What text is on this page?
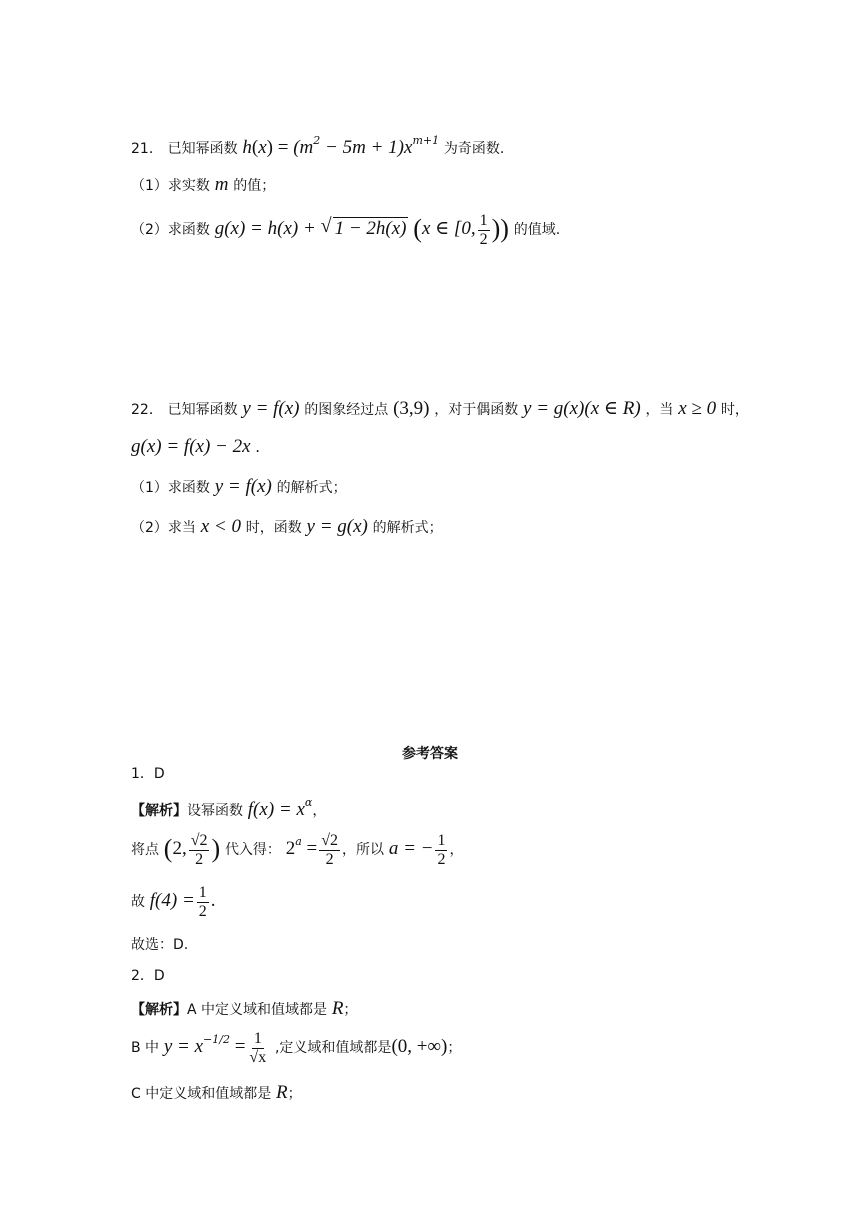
21． 已知幂函数 $h(x) = (m^2 - 5m + 1)x^{m+1}$ 为奇函数.
（1）求实数 m 的值；
（2）求函数 g(x) = h(x) + √ 1 − 2h(x) (x ∈ [0, $\frac{1}{2}$ )) 的值域.
22． 已知幂函数 y = f(x) 的图象经过点 (3,9) ，对于偶函数 y = g(x)(x ∈ R) ，当 x ≥ 0 时，
g(x) = f(x) − 2x .
（1）求函数 y = f(x) 的解析式；
（2）求当 x < 0 时，函数 y = g(x) 的解析式；
参考答案
1．D
【解析】设幂函数 $f(x) = x^\alpha$，
将点 (2, $\frac{√2}{2}$ ) 代入得： $2^a = \frac{√2}{2}$ ，所以 a = − $\frac{1}{2}$ ，
故 $f(4) = \frac{1}{2}$ .
故选：D.
2．D
【解析】A 中定义域和值域都是 R；
B 中 $y = x^{-1/2} = \frac{1}{√x}$ ,定义域和值域都是(0, +∞)；
C 中定义域和值域都是 R；
